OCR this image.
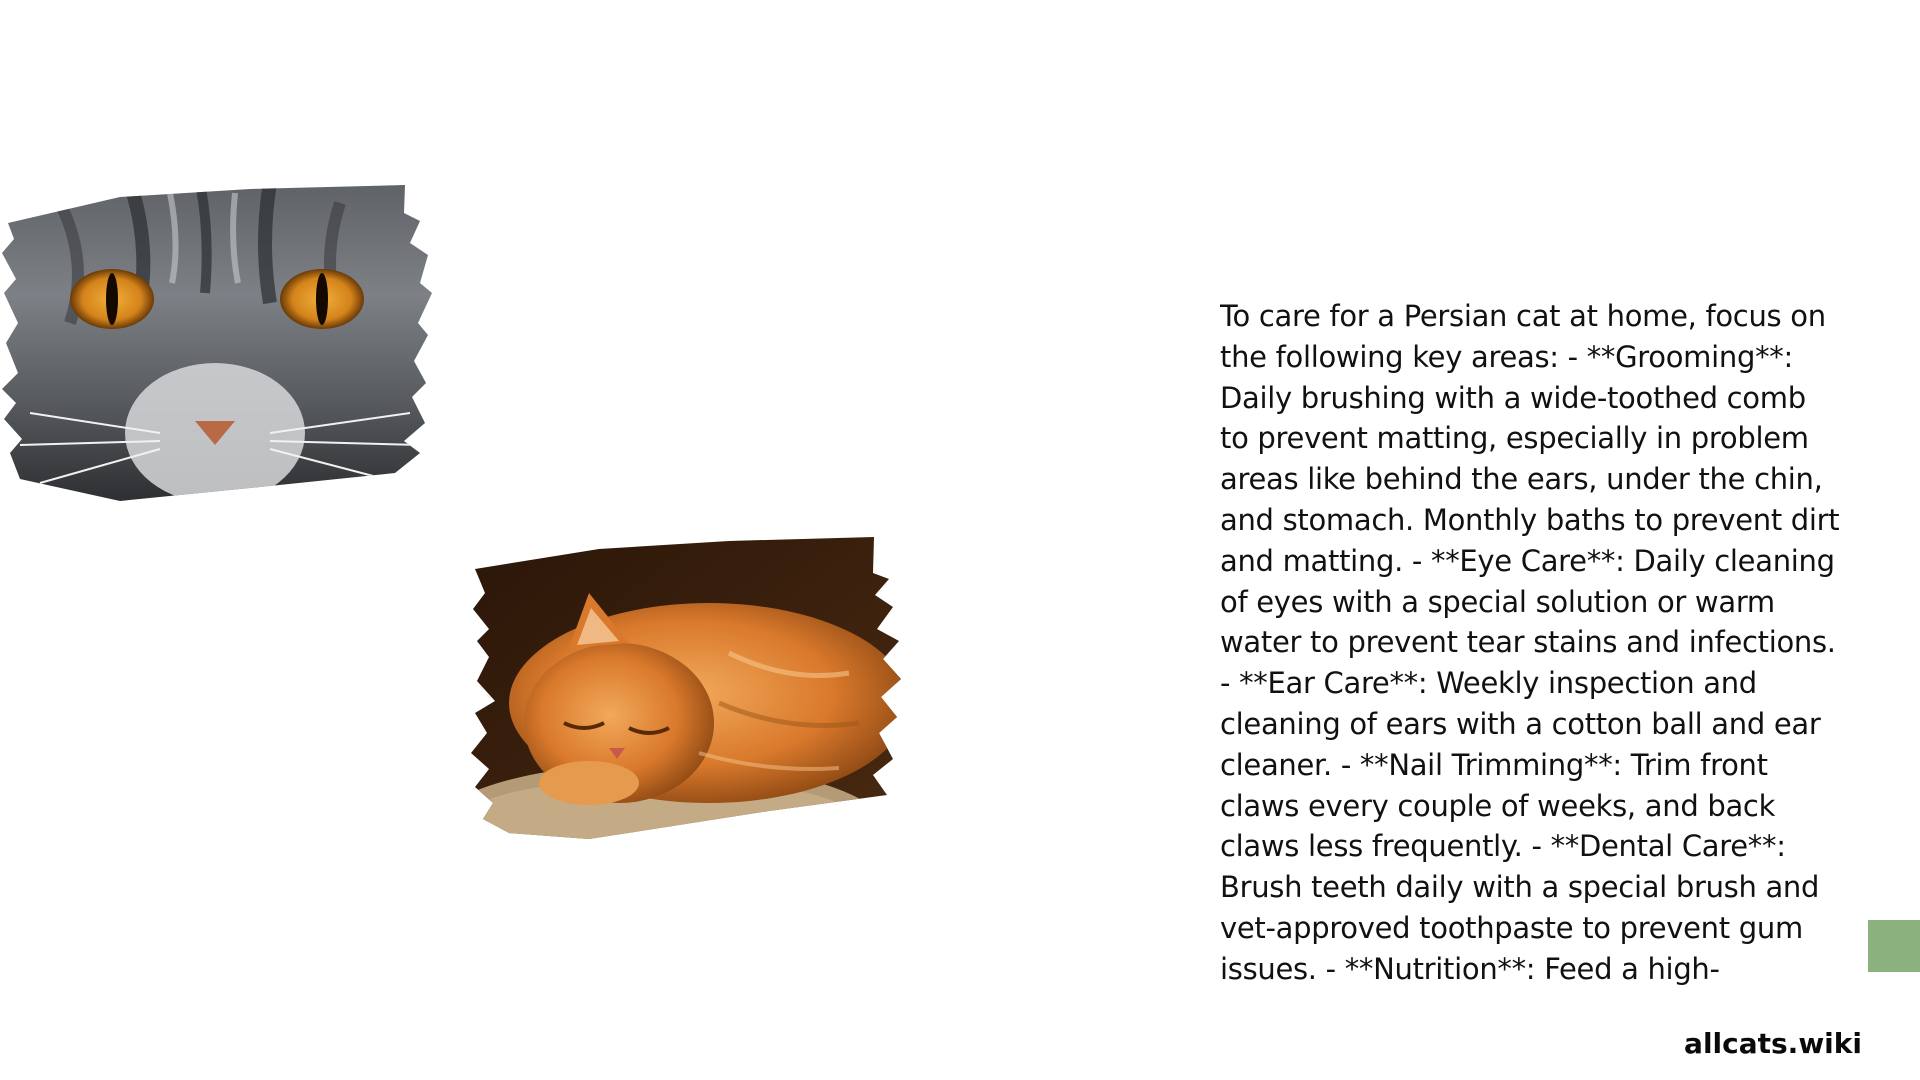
To care for a Persian cat at home, focus on the following key areas: - **Grooming**: Daily brushing with a wide-toothed comb to prevent matting, especially in problem areas like behind the ears, under the chin, and stomach. Monthly baths to prevent dirt and matting. - **Eye Care**: Daily cleaning of eyes with a special solution or warm water to prevent tear stains and infections. - **Ear Care**: Weekly inspection and cleaning of ears with a cotton ball and ear cleaner. - **Nail Trimming**: Trim front claws every couple of weeks, and back claws less frequently. - **Dental Care**: Brush teeth daily with a special brush and vet-approved toothpaste to prevent gum issues. - **Nutrition**: Feed a high-

allcats.wiki
